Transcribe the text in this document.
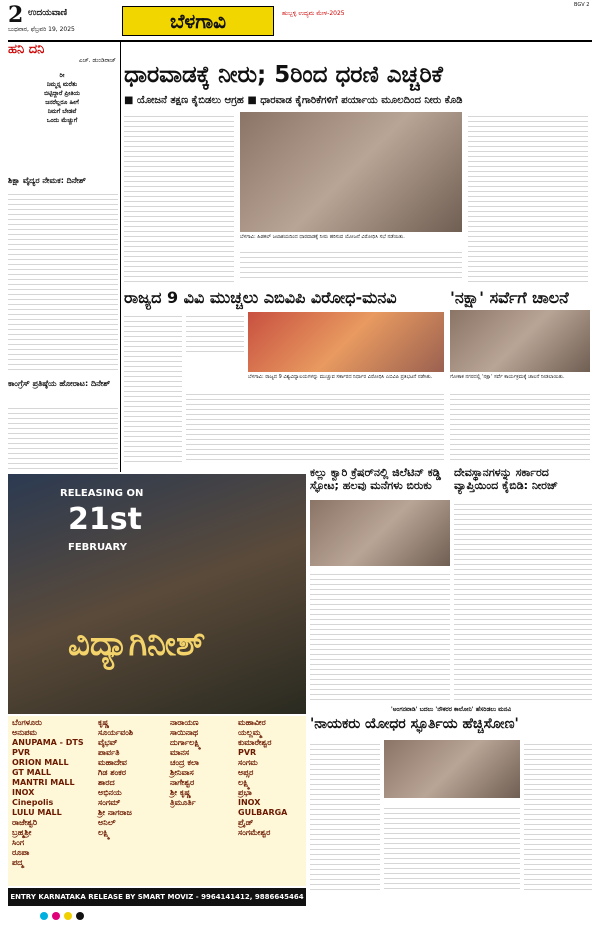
2 ಉದಯವಾಣಿ
ಬುಧವಾರ, ಫೆಬ್ರವರಿ 19, 2025	ಬೆಳಗಾವಿ	ಹುಬ್ಬಳ್ಳಿ ಉದ್ಯಮ ಮೇಳ-2025
BGV 2
ಹನಿ ದನಿ
ಎಚ್. ಡುಂಡಿರಾಜ್
ರೀ
ನಿಮ್ಮನ್ನ ಮರೆತು
ಬಿಟ್ಟಿದ್ದಾರೆ ಪ್ರೀತಿಯ
ಜನರೆಲ್ಲರೂ ಹೀಗೆ
ನಿಮಗೆ ಬೇಡವೆ
ಒಂದು ಮೆಚ್ಚುಗೆ
ಶಿಕ್ಷಾ ವೈದ್ಯರ ನೇಮಕ: ದಿನೇಶ್
ಕಾಂಗ್ರೆಸ್ ಪ್ರತಿಷ್ಠೆಯ ಹೋರಾಟ: ದಿನೇಶ್
ಧಾರವಾಡಕ್ಕೆ ನೀರು; 5ರಿಂದ ಧರಣಿ ಎಚ್ಚರಿಕೆ
■ ಯೋಜನೆ ತಕ್ಷಣ ಕೈಬಿಡಲು ಆಗ್ರಹ ■ ಧಾರವಾಡ ಕೈಗಾರಿಕೆಗಳಿಗೆ ಪರ್ಯಾಯ ಮೂಲದಿಂದ ನೀರು ಕೊಡಿ
ಬೆಳಗಾವಿ: ಹಿಡಕಲ್ ಜಲಾಶಯದಿಂದ ಧಾರವಾಡಕ್ಕೆ ನೀರು ಹರಿಸುವ ಯೋಜನೆ ವಿರೋಧಿಸಿ ಸಭೆ ನಡೆಯಿತು.
ರಾಜ್ಯದ 9 ವಿವಿ ಮುಚ್ಚಲು ಎಬಿವಿಪಿ ವಿರೋಧ-ಮನವಿ
ಬೆಳಗಾವಿ: ರಾಜ್ಯದ 9 ವಿಶ್ವವಿದ್ಯಾಲಯಗಳನ್ನು ಮುಚ್ಚುವ ಸರ್ಕಾರದ ನಿರ್ಧಾರ ವಿರೋಧಿಸಿ ಎಬಿವಿಪಿ ಪ್ರತಿಭಟನೆ ನಡೆಸಿತು.
'ನಕ್ಷಾ' ಸರ್ವೆಗೆ ಚಾಲನೆ
ಗೋಕಾಕ ನಗರದಲ್ಲಿ 'ನಕ್ಷಾ' ಸರ್ವೆ ಕಾರ್ಯಕ್ರಮಕ್ಕೆ ಚಾಲನೆ ನೀಡಲಾಯಿತು.
RELEASING ON
21st
FEBRUARY
ವಿದ್ಯಾಗಿನೀಶ್
ಬೆಂಗಳೂರು
ಅನುಪಮ
ANUPAMA - DTS
PVR
ORION MALL
GT MALL
MANTRI MALL
INOX
Cinepolis
LULU MALL
ರಾಜೇಶ್ವರಿ
ಬ್ರಹ್ಮಶ್ರೀ
ಸಿಂಗ
ರೂಪಾ
ಪದ್ಮ
ಕೃಷ್ಣ
ಸೂರ್ಯವಂಶಿ
ವೈಭವ್
ಪಾರ್ವತಿ
ಮಹಾದೇವ
ಗಿಡ ಶಂಕರ
ಶಾರದ
ಅಭಿನಯ
ಸಂಗಮ್
ಶ್ರೀ ನಾಗರಾಜ
ಅನಿಲ್
ಲಕ್ಷ್ಮಿ
ನಾರಾಯಣ
ಸಾಯಿನಾಥ
ದುರ್ಗಾಲಕ್ಷ್ಮಿ
ಮಾನಸ
ಚಂದ್ರ ಕಲಾ
ಶ್ರೀನಿವಾಸ
ನಾಗೇಶ್ವರ
ಶ್ರೀ ಕೃಷ್ಣ
ತ್ರಿಮೂರ್ತಿ
ಮಹಾವೀರ
ಯಲ್ಲಮ್ಮ
ಕುಮಾರೇಶ್ವರ
PVR
ಸಂಗಮ
ಅಪ್ಸರ
ಲಕ್ಷ್ಮಿ
ಪ್ರಭಾ
INOX
GULBARGA
ಪ್ರೈಡ್
ಸಂಗಮೇಶ್ವರ
ENTRY KARNATAKA RELEASE BY SMART MOVIZ - 9964141412, 9886645464
ಕಲ್ಲು ಕ್ವಾರಿ ಕ್ರೆಷರ್‌ನಲ್ಲಿ ಜಿಲೆಟಿನ್ ಕಡ್ಡಿ ಸ್ಫೋಟ; ಹಲವು ಮನೆಗಳು ಬಿರುಕು
ದೇವಸ್ಥಾನಗಳನ್ನು ಸರ್ಕಾರದ ವ್ಯಾಪ್ತಿಯಿಂದ ಕೈಬಿಡಿ: ನೀರಜ್
'ಅಂಗನವಾಡಿ' ಬದಲು 'ನೌಕರರ ಕಾಲೋನಿ' ಹೆಸರಿಡಲು ಮನವಿ
'ನಾಯಕರು ಯೋಧರ ಸ್ಫೂರ್ತಿಯ ಹೆಚ್ಚಿಸೋಣ'
